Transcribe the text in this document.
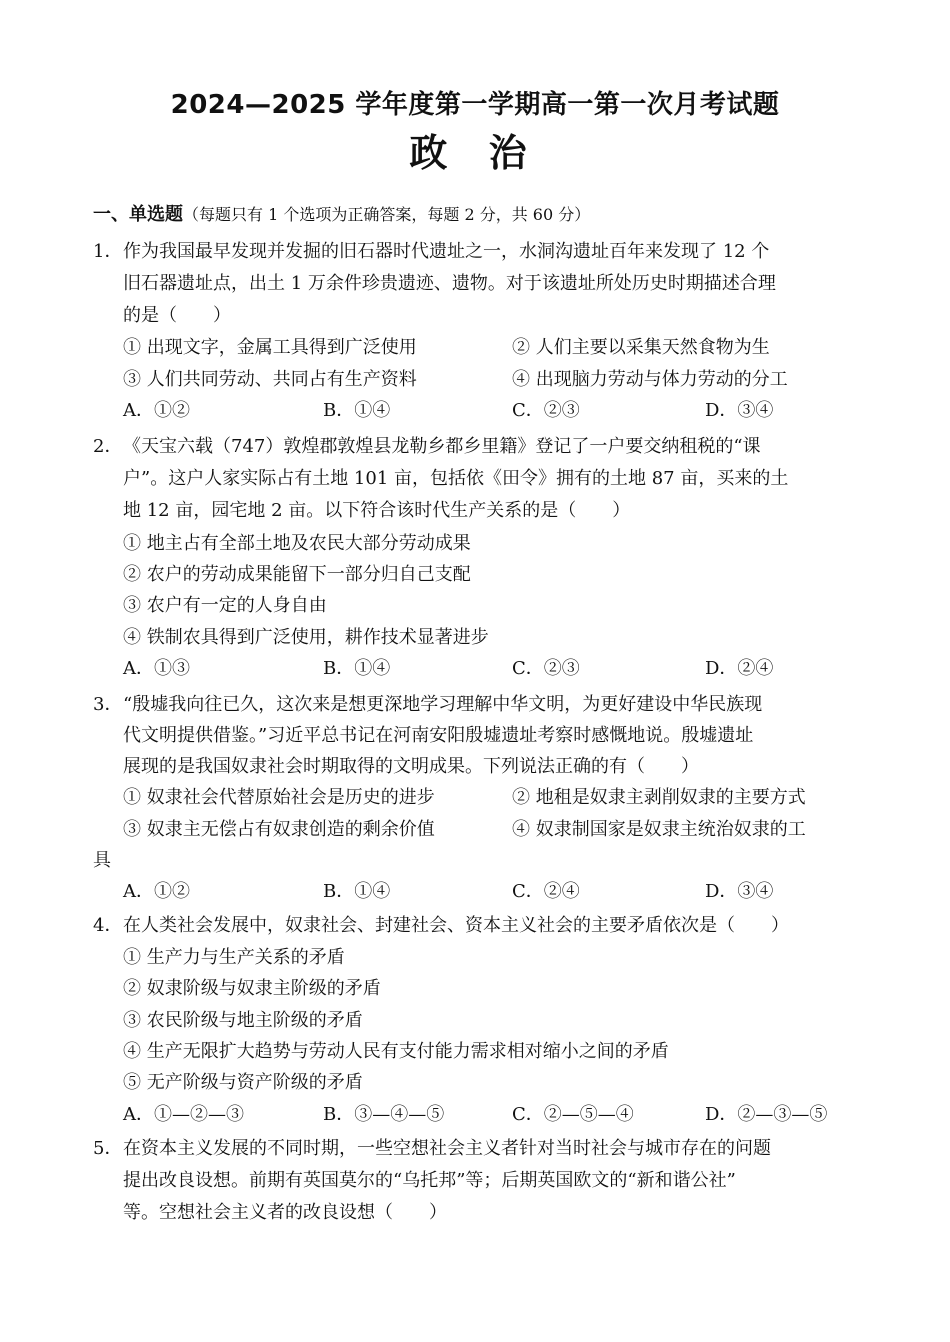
2024—2025 学年度第一学期高一第一次月考试题
政 治
一、单选题（每题只有 1 个选项为正确答案，每题 2 分，共 60 分）
1． 作为我国最早发现并发掘的旧石器时代遗址之一，水洞沟遗址百年来发现了 12 个
旧石器遗址点，出土 1 万余件珍贵遗迹、遗物。对于该遗址所处历史时期描述合理
的是（　　）
① 出现文字，金属工具得到广泛使用	② 人们主要以采集天然食物为生
③ 人们共同劳动、共同占有生产资料	④ 出现脑力劳动与体力劳动的分工
A．①②	B．①④	C．②③	D．③④
2． 《天宝六载（747）敦煌郡敦煌县龙勒乡都乡里籍》登记了一户要交纳租税的“课
户”。这户人家实际占有土地 101 亩，包括依《田令》拥有的土地 87 亩，买来的土
地 12 亩，园宅地 2 亩。以下符合该时代生产关系的是（　　）
① 地主占有全部土地及农民大部分劳动成果
② 农户的劳动成果能留下一部分归自己支配
③ 农户有一定的人身自由
④ 铁制农具得到广泛使用，耕作技术显著进步
A．①③	B．①④	C．②③	D．②④
3． “殷墟我向往已久，这次来是想更深地学习理解中华文明，为更好建设中华民族现
代文明提供借鉴。”习近平总书记在河南安阳殷墟遗址考察时感慨地说。殷墟遗址
展现的是我国奴隶社会时期取得的文明成果。下列说法正确的有（　　）
① 奴隶社会代替原始社会是历史的进步	② 地租是奴隶主剥削奴隶的主要方式
③ 奴隶主无偿占有奴隶创造的剩余价值	④ 奴隶制国家是奴隶主统治奴隶的工
具
A．①②	B．①④	C．②④	D．③④
4． 在人类社会发展中，奴隶社会、封建社会、资本主义社会的主要矛盾依次是（　　）
① 生产力与生产关系的矛盾
② 奴隶阶级与奴隶主阶级的矛盾
③ 农民阶级与地主阶级的矛盾
④ 生产无限扩大趋势与劳动人民有支付能力需求相对缩小之间的矛盾
⑤ 无产阶级与资产阶级的矛盾
A．①—②—③	B．③—④—⑤	C．②—⑤—④	D．②—③—⑤
5． 在资本主义发展的不同时期，一些空想社会主义者针对当时社会与城市存在的问题
提出改良设想。前期有英国莫尔的“乌托邦”等；后期英国欧文的“新和谐公社”
等。空想社会主义者的改良设想（　　）
